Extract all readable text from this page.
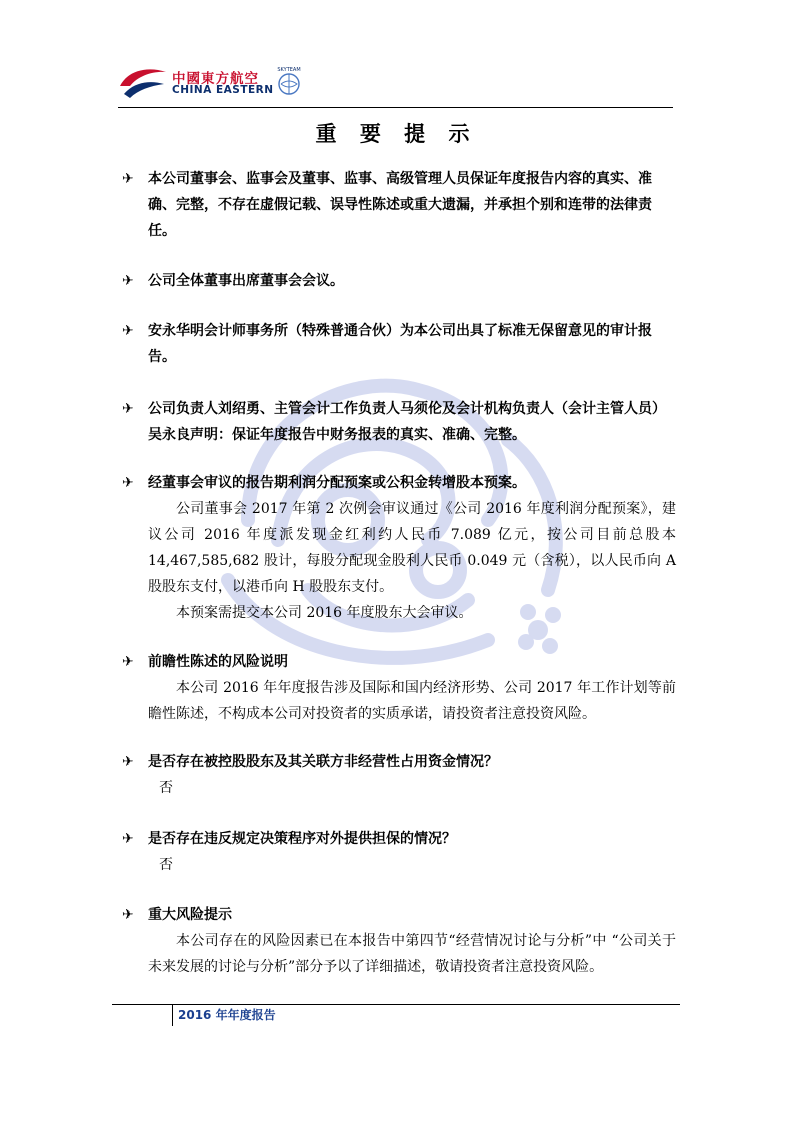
中國東方航空
CHINA EASTERN
SKYTEAM
重 要 提 示
✈	本公司董事会、监事会及董事、监事、高级管理人员保证年度报告内容的真实、准确、完整，不存在虚假记载、误导性陈述或重大遗漏，并承担个别和连带的法律责任。
✈	公司全体董事出席董事会会议。
✈	安永华明会计师事务所（特殊普通合伙）为本公司出具了标准无保留意见的审计报告。
✈	公司负责人刘绍勇、主管会计工作负责人马须伦及会计机构负责人（会计主管人员）吴永良声明：保证年度报告中财务报表的真实、准确、完整。
✈	经董事会审议的报告期利润分配预案或公积金转增股本预案。
公司董事会 2017 年第 2 次例会审议通过《公司 2016 年度利润分配预案》，建议公司 2016 年度派发现金红利约人民币 7.089 亿元，按公司目前总股本 14,467,585,682 股计，每股分配现金股利人民币 0.049 元（含税），以人民币向 A 股股东支付，以港币向 H 股股东支付。
本预案需提交本公司 2016 年度股东大会审议。
✈	前瞻性陈述的风险说明
本公司 2016 年年度报告涉及国际和国内经济形势、公司 2017 年工作计划等前瞻性陈述，不构成本公司对投资者的实质承诺，请投资者注意投资风险。
✈	是否存在被控股股东及其关联方非经营性占用资金情况？
否
✈	是否存在违反规定决策程序对外提供担保的情况？
否
✈	重大风险提示
本公司存在的风险因素已在本报告中第四节“经营情况讨论与分析”中 “公司关于未来发展的讨论与分析”部分予以了详细描述，敬请投资者注意投资风险。
2016 年年度报告
